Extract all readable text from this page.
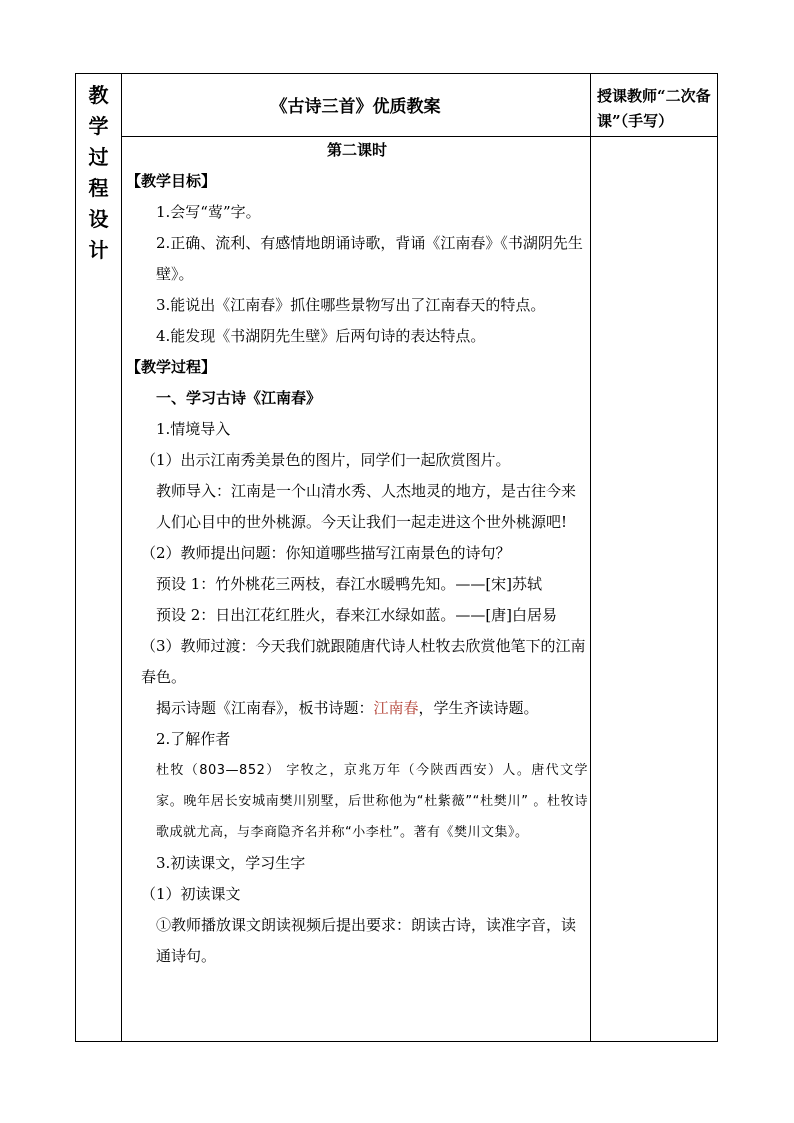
教
学
过
程
设
计
《古诗三首》优质教案
授课教师“二次备课”（手写）

第二课时

【教学目标】

1.会写“莺”字。

2.正确、流利、有感情地朗诵诗歌，背诵《江南春》《书湖阴先生壁》。

3.能说出《江南春》抓住哪些景物写出了江南春天的特点。

4.能发现《书湖阴先生壁》后两句诗的表达特点。

【教学过程】

一、学习古诗《江南春》

1.情境导入

（1）出示江南秀美景色的图片，同学们一起欣赏图片。

教师导入：江南是一个山清水秀、人杰地灵的地方，是古往今来人们心目中的世外桃源。今天让我们一起走进这个世外桃源吧!

（2）教师提出问题：你知道哪些描写江南景色的诗句？

预设 1：竹外桃花三两枝，春江水暖鸭先知。——[宋]苏轼

预设 2：日出江花红胜火，春来江水绿如蓝。——[唐]白居易

（3）教师过渡：今天我们就跟随唐代诗人杜牧去欣赏他笔下的江南春色。

揭示诗题《江南春》，板书诗题：江南春，学生齐读诗题。

2.了解作者

杜牧（803—852） 字牧之，京兆万年（今陕西西安）人。唐代文学家。晚年居长安城南樊川别墅，后世称他为“杜紫薇”“杜樊川” 。杜牧诗歌成就尤高，与李商隐齐名并称“小李杜”。著有《樊川文集》。

3.初读课文，学习生字

（1）初读课文

①教师播放课文朗读视频后提出要求：朗读古诗，读准字音，读通诗句。
